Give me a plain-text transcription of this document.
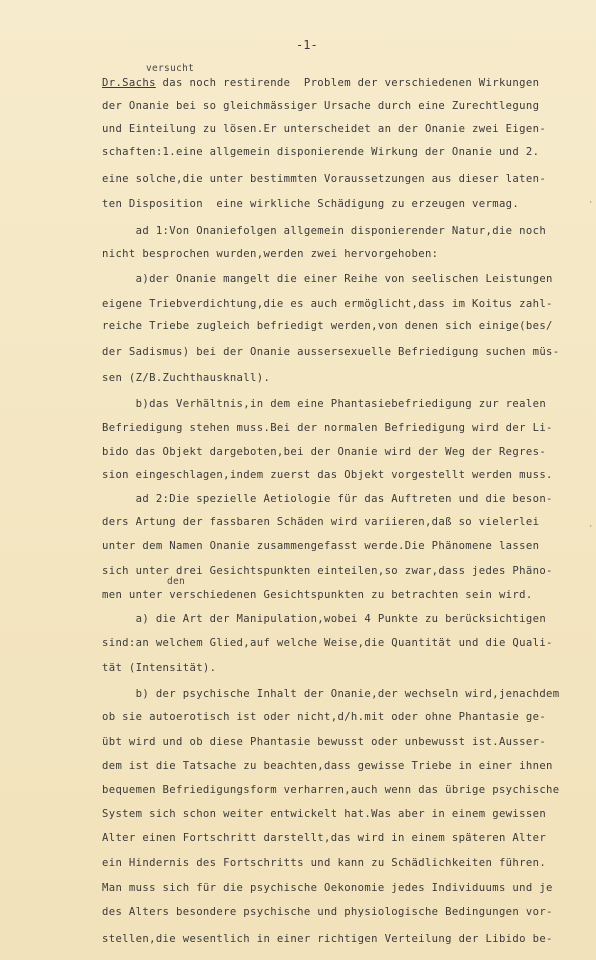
-1-
versucht
den
Dr.Sachs das noch restirende  Problem der verschiedenen Wirkungen
der Onanie bei so gleichmässiger Ursache durch eine Zurechtlegung
und Einteilung zu lösen.Er unterscheidet an der Onanie zwei Eigen-
schaften:1.eine allgemein disponierende Wirkung der Onanie und 2.
eine solche,die unter bestimmten Voraussetzungen aus dieser laten-
ten Disposition  eine wirkliche Schädigung zu erzeugen vermag.
ad 1:Von Onaniefolgen allgemein disponierender Natur,die noch
nicht besprochen wurden,werden zwei hervorgehoben:
a)der Onanie mangelt die einer Reihe von seelischen Leistungen
eigene Triebverdichtung,die es auch ermöglicht,dass im Koitus zahl-
reiche Triebe zugleich befriedigt werden,von denen sich einige(bes/
der Sadismus) bei der Onanie aussersexuelle Befriedigung suchen müs-
sen (Z/B.Zuchthausknall).
b)das Verhältnis,in dem eine Phantasiebefriedigung zur realen
Befriedigung stehen muss.Bei der normalen Befriedigung wird der Li-
bido das Objekt dargeboten,bei der Onanie wird der Weg der Regres-
sion eingeschlagen,indem zuerst das Objekt vorgestellt werden muss.
ad 2:Die spezielle Aetiologie für das Auftreten und die beson-
ders Artung der fassbaren Schäden wird variieren,daß so vielerlei
unter dem Namen Onanie zusammengefasst werde.Die Phänomene lassen
sich unter drei Gesichtspunkten einteilen,so zwar,dass jedes Phäno-
men unter verschiedenen Gesichtspunkten zu betrachten sein wird.
a) die Art der Manipulation,wobei 4 Punkte zu berücksichtigen
sind:an welchem Glied,auf welche Weise,die Quantität und die Quali-
tät (Intensität).
b) der psychische Inhalt der Onanie,der wechseln wird,jenachdem
ob sie autoerotisch ist oder nicht,d/h.mit oder ohne Phantasie ge-
übt wird und ob diese Phantasie bewusst oder unbewusst ist.Ausser-
dem ist die Tatsache zu beachten,dass gewisse Triebe in einer ihnen
bequemen Befriedigungsform verharren,auch wenn das übrige psychische
System sich schon weiter entwickelt hat.Was aber in einem gewissen
Alter einen Fortschritt darstellt,das wird in einem späteren Alter
ein Hindernis des Fortschritts und kann zu Schädlichkeiten führen.
Man muss sich für die psychische Oekonomie jedes Individuums und je
des Alters besondere psychische und physiologische Bedingungen vor-
stellen,die wesentlich in einer richtigen Verteilung der Libido be-
·
·
